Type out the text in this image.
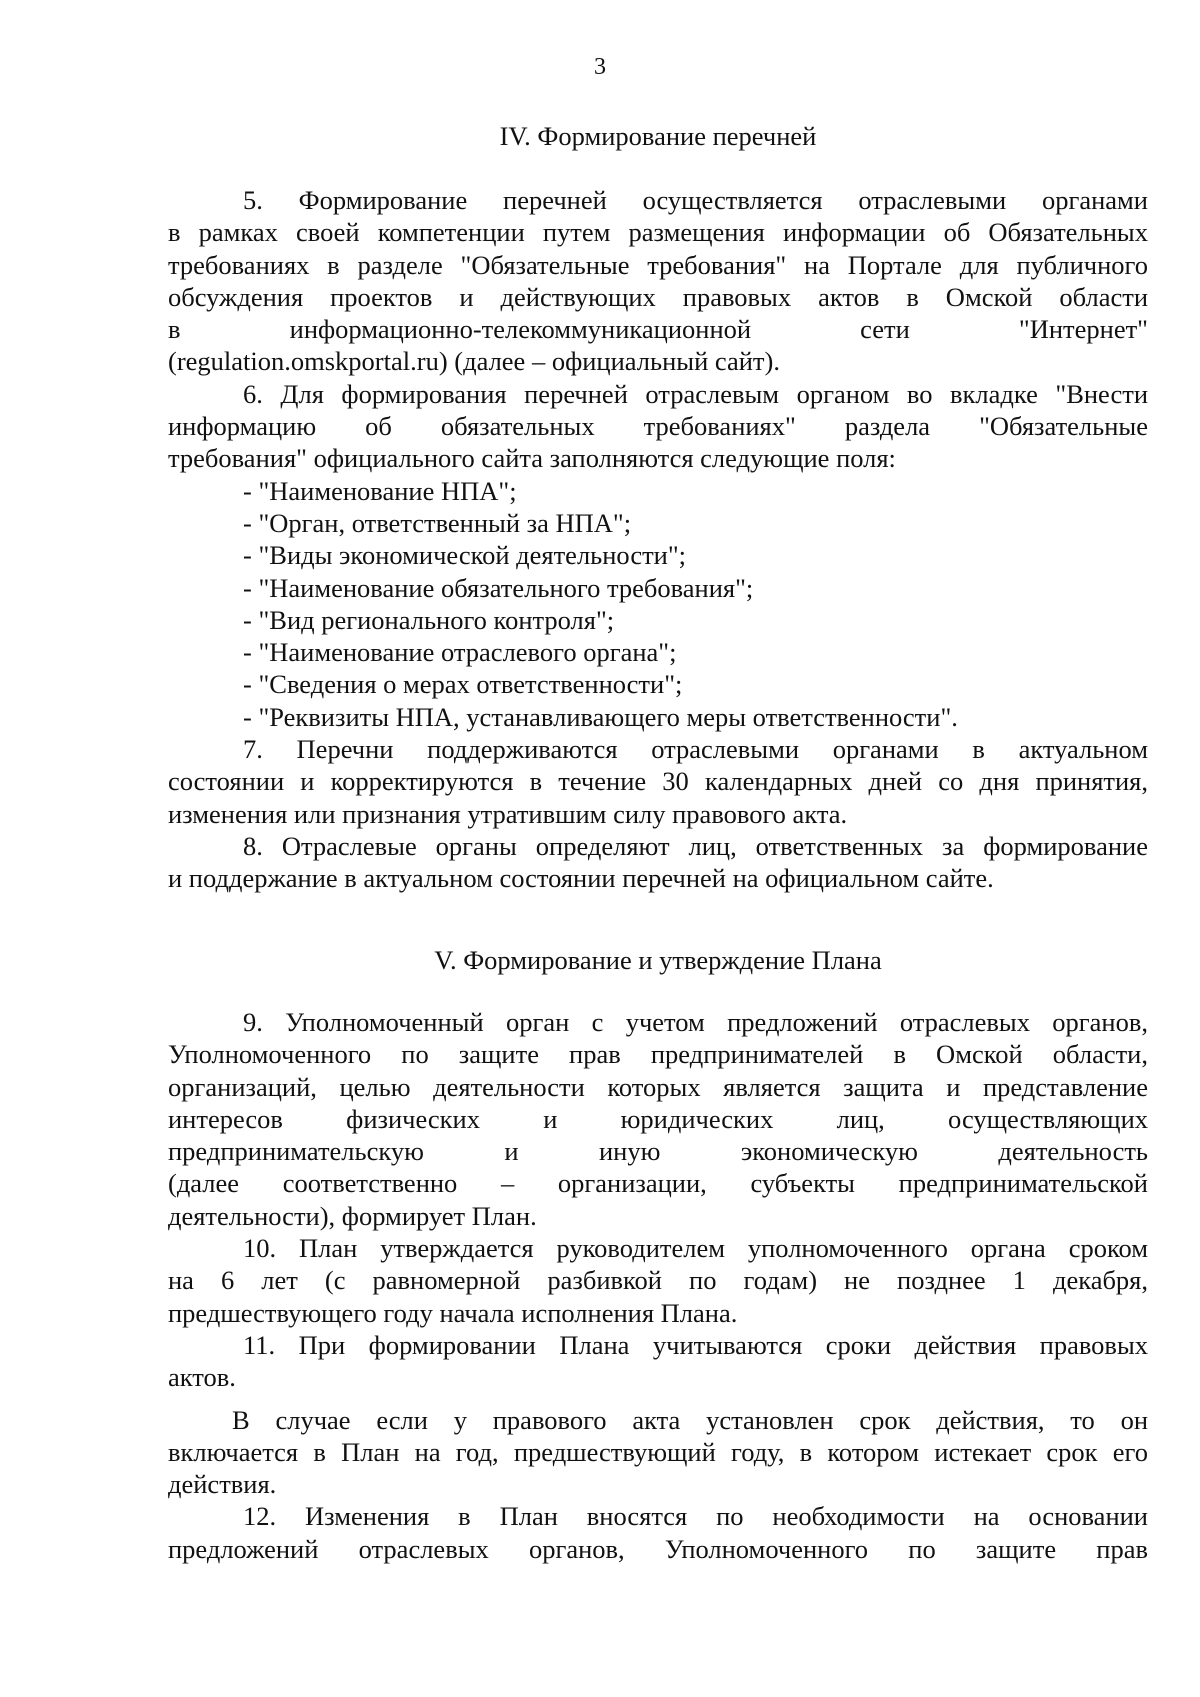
3
IV. Формирование перечней

5. Формирование перечней осуществляется отраслевыми органами

в рамках своей компетенции путем размещения информации об Обязательных

требованиях в разделе "Обязательные требования" на Портале для публичного

обсуждения проектов и действующих правовых актов в Омской области

в информационно-телекоммуникационной сети "Интернет"

(regulation.omskportal.ru) (далее – официальный сайт).

6. Для формирования перечней отраслевым органом во вкладке "Внести

информацию об обязательных требованиях" раздела "Обязательные

требования" официального сайта заполняются следующие поля:

- "Наименование НПА";

- "Орган, ответственный за НПА";

- "Виды экономической деятельности";

- "Наименование обязательного требования";

- "Вид регионального контроля";

- "Наименование отраслевого органа";

- "Сведения о мерах ответственности";

- "Реквизиты НПА, устанавливающего меры ответственности".

7. Перечни поддерживаются отраслевыми органами в актуальном

состоянии и корректируются в течение 30 календарных дней со дня принятия,

изменения или признания утратившим силу правового акта.

8. Отраслевые органы определяют лиц, ответственных за формирование

и поддержание в актуальном состоянии перечней на официальном сайте.

V. Формирование и утверждение Плана

9. Уполномоченный орган с учетом предложений отраслевых органов,

Уполномоченного по защите прав предпринимателей в Омской области,

организаций, целью деятельности которых является защита и представление

интересов физических и юридических лиц, осуществляющих

предпринимательскую и иную экономическую деятельность

(далее соответственно – организации, субъекты предпринимательской

деятельности), формирует План.

10. План утверждается руководителем уполномоченного органа сроком

на 6 лет (с равномерной разбивкой по годам) не позднее 1 декабря,

предшествующего году начала исполнения Плана.

11. При формировании Плана учитываются сроки действия правовых

актов.

В случае если у правового акта установлен срок действия, то он

включается в План на год, предшествующий году, в котором истекает срок его

действия.

12. Изменения в План вносятся по необходимости на основании

предложений отраслевых органов, Уполномоченного по защите прав
